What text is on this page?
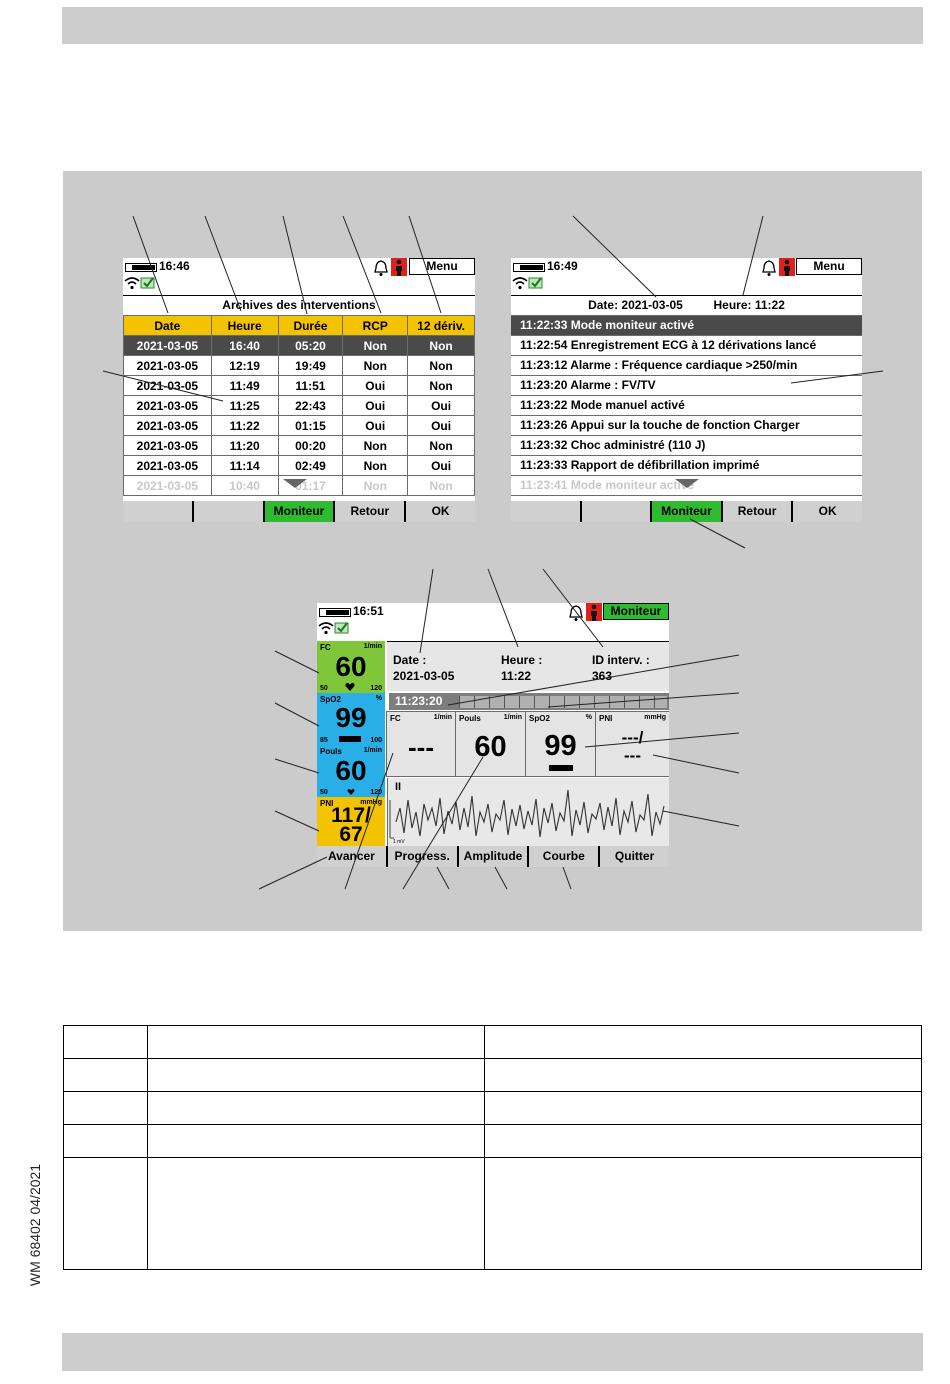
16:46	Menu
Archives des interventions
Date	Heure	Durée	RCP	12 dériv.
2021-03-05	16:40	05:20	Non	Non
2021-03-05	12:19	19:49	Non	Non
2021-03-05	11:49	11:51	Oui	Non
2021-03-05	11:25	22:43	Oui	Oui
2021-03-05	11:22	01:15	Oui	Oui
2021-03-05	11:20	00:20	Non	Non
2021-03-05	11:14	02:49	Non	Oui
2021-03-05	10:40	01:17	Non	Non
Moniteur	Retour	OK
16:49	Menu
Date: 2021-03-05	Heure: 11:22
11:22:33 Mode moniteur activé
11:22:54 Enregistrement ECG à 12 dérivations lancé
11:23:12 Alarme : Fréquence cardiaque >250/min
11:23:20 Alarme : FV/TV
11:23:22 Mode manuel activé
11:23:26 Appui sur la touche de fonction Charger
11:23:32 Choc administré (110 J)
11:23:33 Rapport de défibrillation imprimé
11:23:41 Mode moniteur activé
Moniteur	Retour	OK
16:51	Moniteur
FC	1/min
60
50	120
SpO2	%
99
85	100
Pouls	1/min
60
50	120
PNI	mmHg
117/
67
Date :
2021-03-05
Heure :
11:22
ID interv. :
363
11:23:20
FC	1/min
---
Pouls	1/min
60
SpO2	%
99
PNI	mmHg
---/
---
II
1 mV
Avancer	Progress.	Amplitude	Courbe	Quitter

WM 68402 04/2021
